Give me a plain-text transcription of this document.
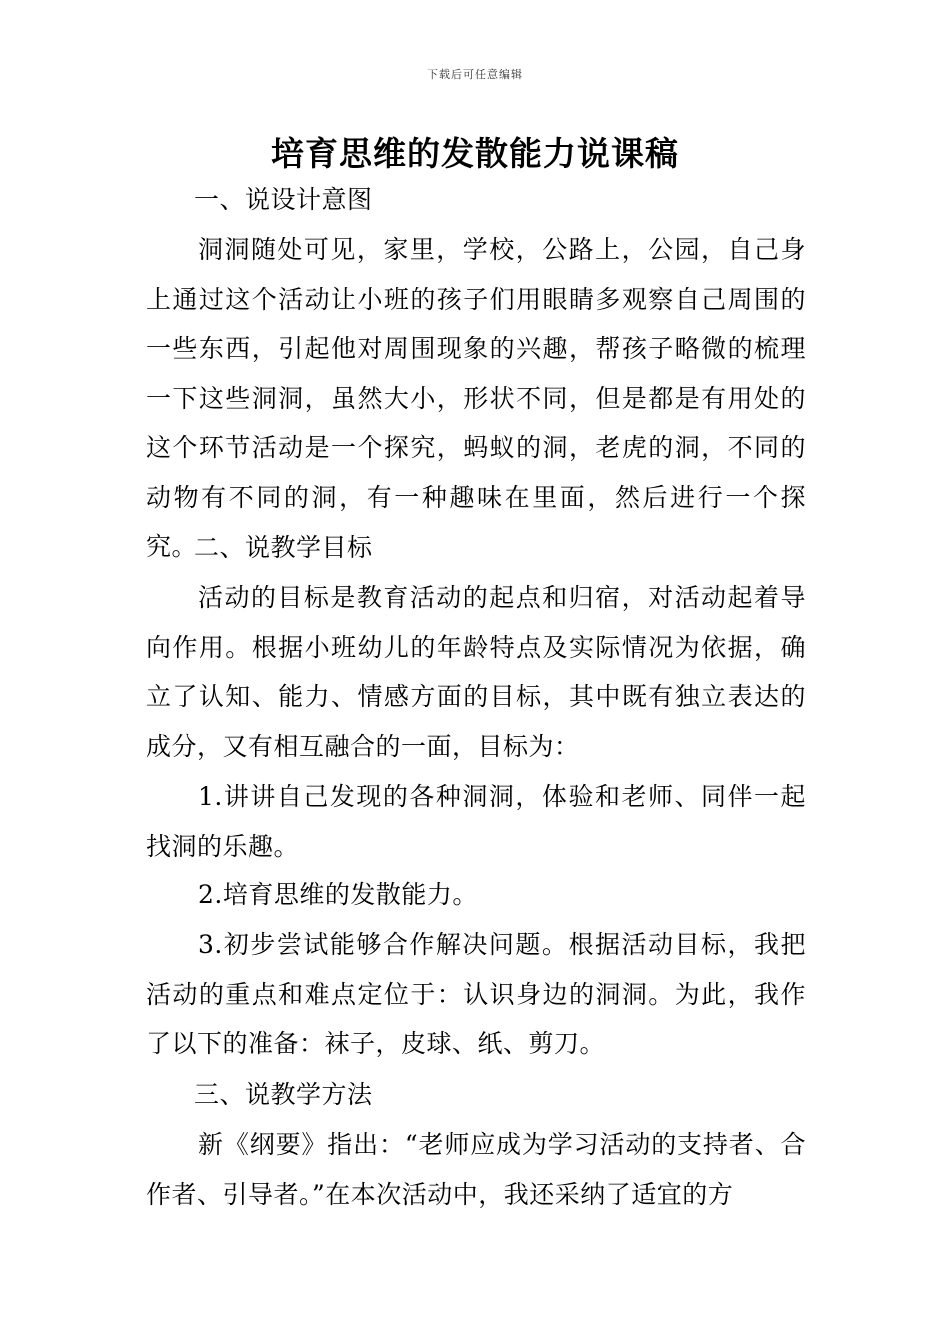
下载后可任意编辑
培育思维的发散能力说课稿
一、说设计意图

洞洞随处可见，家里，学校，公路上，公园，自己身上通过这个活动让小班的孩子们用眼睛多观察自己周围的一些东西，引起他对周围现象的兴趣，帮孩子略微的梳理一下这些洞洞，虽然大小，形状不同，但是都是有用处的这个环节活动是一个探究，蚂蚁的洞，老虎的洞，不同的动物有不同的洞，有一种趣味在里面，然后进行一个探究。

二、说教学目标

活动的目标是教育活动的起点和归宿，对活动起着导向作用。根据小班幼儿的年龄特点及实际情况为依据，确立了认知、能力、情感方面的目标，其中既有独立表达的成分，又有相互融合的一面，目标为：

1.讲讲自己发现的各种洞洞，体验和老师、同伴一起找洞的乐趣。

2.培育思维的发散能力。

3.初步尝试能够合作解决问题。根据活动目标，我把活动的重点和难点定位于：认识身边的洞洞。为此，我作了以下的准备：袜子，皮球、纸、剪刀。

三、说教学方法

新《纲要》指出：“老师应成为学习活动的支持者、合作者、引导者。”在本次活动中，我还采纳了适宜的方
